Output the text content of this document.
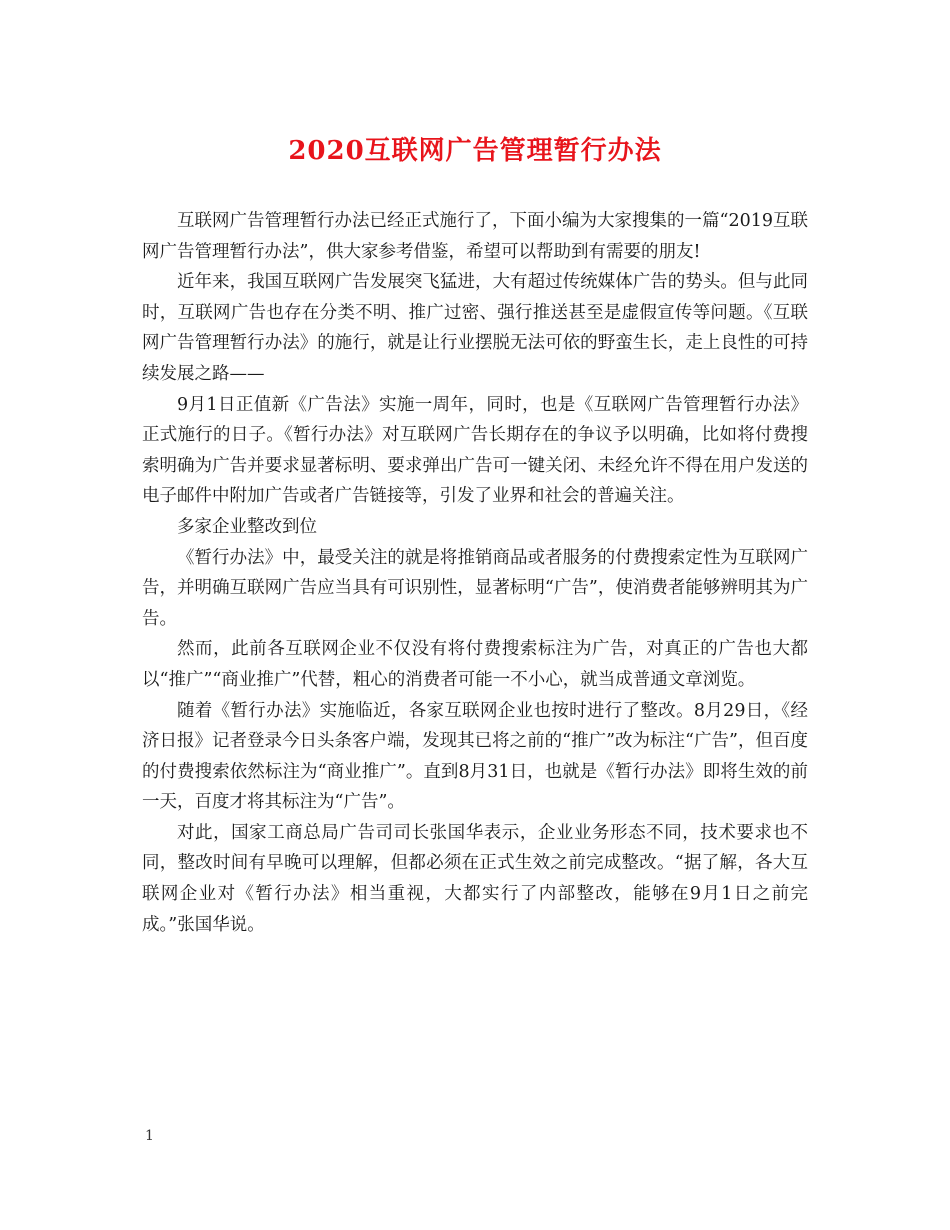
2020互联网广告管理暂行办法

互联网广告管理暂行办法已经正式施行了，下面小编为大家搜集的一篇“2019互联网广告管理暂行办法”，供大家参考借鉴，希望可以帮助到有需要的朋友!

近年来，我国互联网广告发展突飞猛进，大有超过传统媒体广告的势头。但与此同时，互联网广告也存在分类不明、推广过密、强行推送甚至是虚假宣传等问题。《互联网广告管理暂行办法》的施行，就是让行业摆脱无法可依的野蛮生长，走上良性的可持续发展之路——

9月1日正值新《广告法》实施一周年，同时，也是《互联网广告管理暂行办法》正式施行的日子。《暂行办法》对互联网广告长期存在的争议予以明确，比如将付费搜索明确为广告并要求显著标明、要求弹出广告可一键关闭、未经允许不得在用户发送的电子邮件中附加广告或者广告链接等，引发了业界和社会的普遍关注。

多家企业整改到位

《暂行办法》中，最受关注的就是将推销商品或者服务的付费搜索定性为互联网广告，并明确互联网广告应当具有可识别性，显著标明“广告”，使消费者能够辨明其为广告。

然而，此前各互联网企业不仅没有将付费搜索标注为广告，对真正的广告也大都以“推广”“商业推广”代替，粗心的消费者可能一不小心，就当成普通文章浏览。

随着《暂行办法》实施临近，各家互联网企业也按时进行了整改。8月29日，《经济日报》记者登录今日头条客户端，发现其已将之前的“推广”改为标注“广告”，但百度的付费搜索依然标注为“商业推广”。直到8月31日，也就是《暂行办法》即将生效的前一天，百度才将其标注为“广告”。

对此，国家工商总局广告司司长张国华表示，企业业务形态不同，技术要求也不同，整改时间有早晚可以理解，但都必须在正式生效之前完成整改。“据了解，各大互联网企业对《暂行办法》相当重视，大都实行了内部整改，能够在9月1日之前完成。”张国华说。

1
